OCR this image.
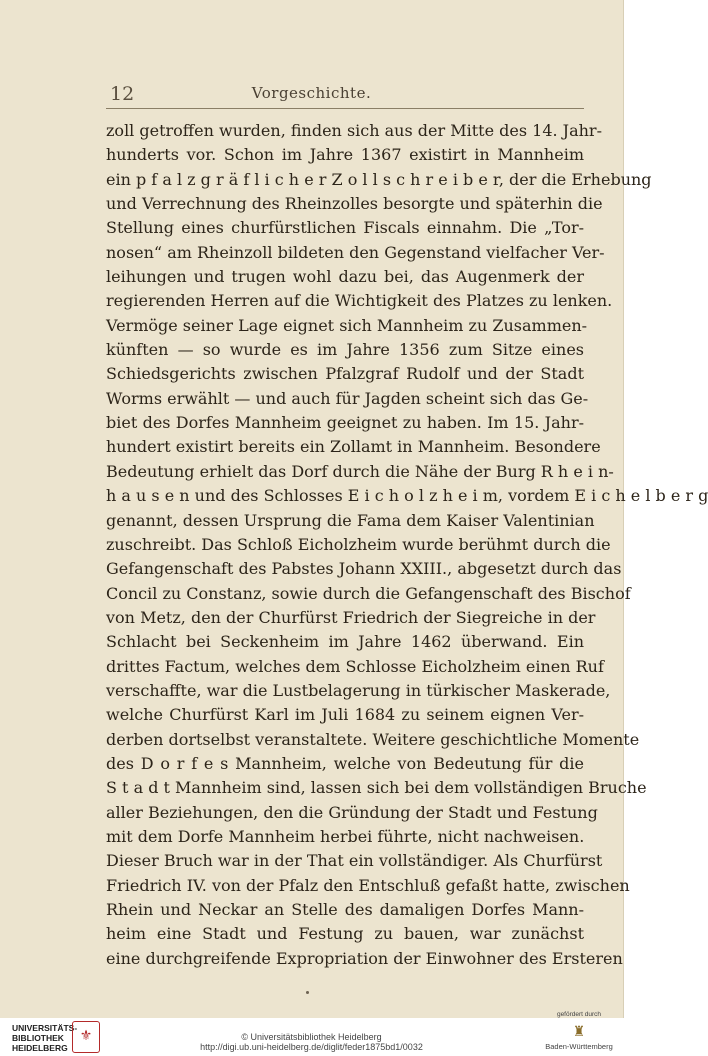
12	Vorgeschichte.
zoll getroffen wurden, finden sich aus der Mitte des 14. Jahr-
hunderts vor. Schon im Jahre 1367 existirt in Mannheim
ein p f a l z g r ä f l i c h e r Z o l l s c h r e i b e r, der die Erhebung
und Verrechnung des Rheinzolles besorgte und späterhin die
Stellung eines churfürstlichen Fiscals einnahm. Die „Tor-
nosen“ am Rheinzoll bildeten den Gegenstand vielfacher Ver-
leihungen und trugen wohl dazu bei, das Augenmerk der
regierenden Herren auf die Wichtigkeit des Platzes zu lenken.
Vermöge seiner Lage eignet sich Mannheim zu Zusammen-
künften — so wurde es im Jahre 1356 zum Sitze eines
Schiedsgerichts zwischen Pfalzgraf Rudolf und der Stadt
Worms erwählt — und auch für Jagden scheint sich das Ge-
biet des Dorfes Mannheim geeignet zu haben. Im 15. Jahr-
hundert existirt bereits ein Zollamt in Mannheim. Besondere
Bedeutung erhielt das Dorf durch die Nähe der Burg R h e i n-
h a u s e n und des Schlosses E i c h o l z h e i m, vordem E i c h e l b e r g
genannt, dessen Ursprung die Fama dem Kaiser Valentinian
zuschreibt. Das Schloß Eicholzheim wurde berühmt durch die
Gefangenschaft des Pabstes Johann XXIII., abgesetzt durch das
Concil zu Constanz, sowie durch die Gefangenschaft des Bischof
von Metz, den der Churfürst Friedrich der Siegreiche in der
Schlacht bei Seckenheim im Jahre 1462 überwand. Ein
drittes Factum, welches dem Schlosse Eicholzheim einen Ruf
verschaffte, war die Lustbelagerung in türkischer Maskerade,
welche Churfürst Karl im Juli 1684 zu seinem eignen Ver-
derben dortselbst veranstaltete. Weitere geschichtliche Momente
des D o r f e s Mannheim, welche von Bedeutung für die
S t a d t Mannheim sind, lassen sich bei dem vollständigen Bruche
aller Beziehungen, den die Gründung der Stadt und Festung
mit dem Dorfe Mannheim herbei führte, nicht nachweisen.
Dieser Bruch war in der That ein vollständiger. Als Churfürst
Friedrich IV. von der Pfalz den Entschluß gefaßt hatte, zwischen
Rhein und Neckar an Stelle des damaligen Dorfes Mann-
heim eine Stadt und Festung zu bauen, war zunächst
eine durchgreifende Expropriation der Einwohner des Ersteren
UNIVERSITÄTS-
BIBLIOTHEK
HEIDELBERG
⚜	© Universitätsbibliothek Heidelberg
http://digi.ub.uni-heidelberg.de/diglit/feder1875bd1/0032
gefördert durch
♜
Baden-Württemberg
